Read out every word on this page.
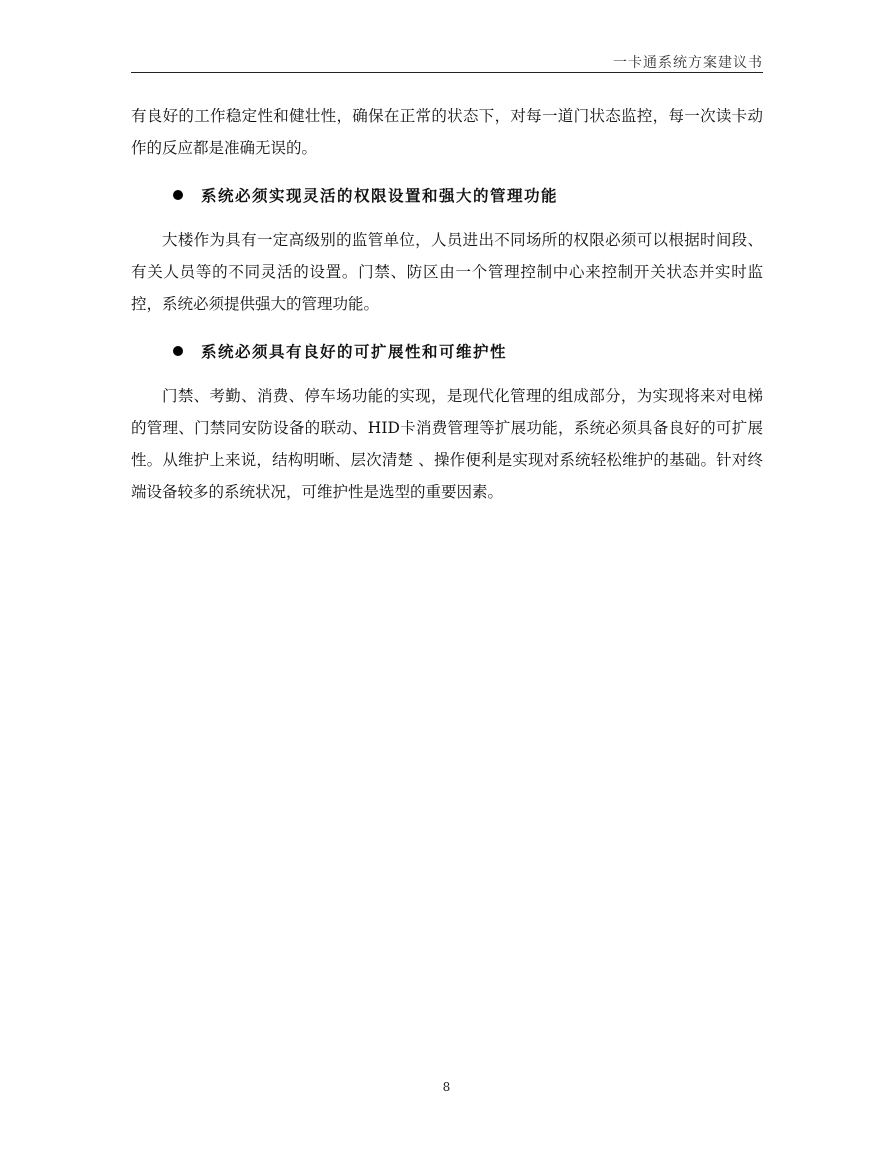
一卡通系统方案建议书

有良好的工作稳定性和健壮性，确保在正常的状态下，对每一道门状态监控，每一次读卡动作的反应都是准确无误的。

系统必须实现灵活的权限设置和强大的管理功能

大楼作为具有一定高级别的监管单位，人员进出不同场所的权限必须可以根据时间段、有关人员等的不同灵活的设置。门禁、防区由一个管理控制中心来控制开关状态并实时监控，系统必须提供强大的管理功能。

系统必须具有良好的可扩展性和可维护性

门禁、考勤、消费、停车场功能的实现，是现代化管理的组成部分，为实现将来对电梯的管理、门禁同安防设备的联动、HID卡消费管理等扩展功能，系统必须具备良好的可扩展性。从维护上来说，结构明晰、层次清楚 、操作便利是实现对系统轻松维护的基础。针对终端设备较多的系统状况，可维护性是选型的重要因素。

8
